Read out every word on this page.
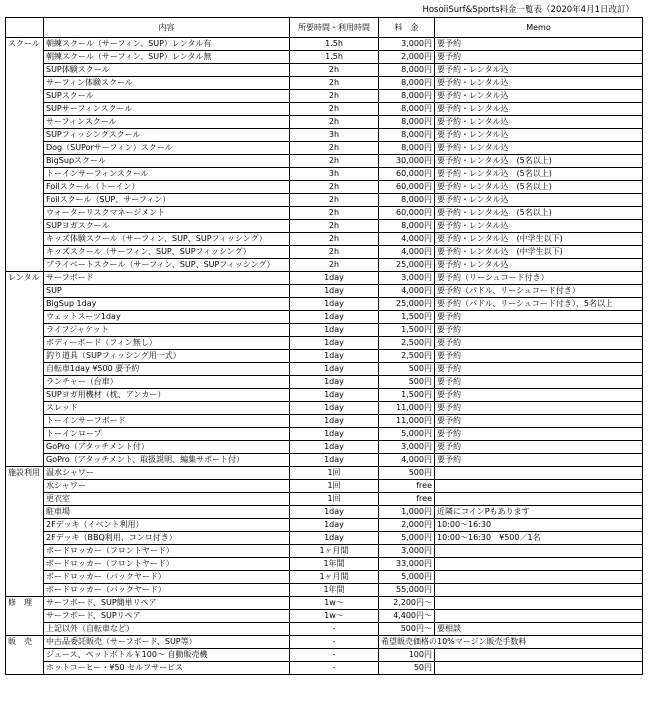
HosoiiSurf&Sports料金一覧表（2020年4月1日改訂）
	内容	所要時間・利用時間	料　金	Memo
スクール	朝練スクール（サーフィン、SUP）レンタル有	1.5h	3,000円	要予約
	朝練スクール（サーフィン、SUP）レンタル無	1.5h	2,000円	要予約
	SUP体験スクール	2h	8,000円	要予約・レンタル込
	サーフィン体験スクール	2h	8,000円	要予約・レンタル込
	SUPスクール	2h	8,000円	要予約・レンタル込
	SUPサーフィンスクール	2h	8,000円	要予約・レンタル込
	サーフィンスクール	2h	8,000円	要予約・レンタル込
	SUPフィッシングスクール	3h	8,000円	要予約・レンタル込
	Dog（SUPorサーフィン）スクール	2h	8,000円	要予約・レンタル込
	BigSupスクール	2h	30,000円	要予約・レンタル込　(5名以上)
	トーインサーフィンスクール	3h	60,000円	要予約・レンタル込　(5名以上)
	Foilスクール（トーイン）	2h	60,000円	要予約・レンタル込　(5名以上)
	Foilスクール（SUP、サーフィン）	2h	8,000円	要予約・レンタル込
	ウォーターリスクマネージメント	2h	60,000円	要予約・レンタル込　(5名以上)
	SUPヨガスクール	2h	8,000円	要予約・レンタル込
	キッズ体験スクール（サーフィン、SUP、SUPフィッシング）	2h	4,000円	要予約・レンタル込　(中学生以下)
	キッズスクール（サーフィン、SUP、SUPフィッシング）	2h	4,000円	要予約・レンタル込　(中学生以下)
	プライベートスクール（サーフィン、SUP、SUPフィッシング）	2h	25,000円	要予約・レンタル込
レンタル	サーフボード	1day	3,000円	要予約（リーシュコード付き）
	SUP	1day	4,000円	要予約（パドル、リーシュコード付き）
	BigSup 1day	1day	25,000円	要予約（パドル、リーシュコード付き）、5名以上
	ウェットスーツ1day	1day	1,500円	要予約
	ライフジャケット	1day	1,500円	要予約
	ボディーボード（フィン無し）	1day	2,500円	要予約
	釣り道具（SUPフィッシング用一式）	1day	2,500円	要予約
	自転車1day ¥500 要予約	1day	500円	要予約
	ランチャー（台車）	1day	500円	要予約
	SUPヨガ用機材（枕、アンカー）	1day	1,500円	要予約
	スレッド	1day	11,000円	要予約
	トーインサーフボード	1day	11,000円	要予約
	トーインロープ	1day	5,000円	要予約
	GoPro（アタッチメント付）	1day	3,000円	要予約
	GoPro（アタッチメント、取扱説明、編集サポート付）	1day	4,000円	要予約
施設利用	温水シャワー	1回	500円	
	水シャワー	1回	free	
	更衣室	1回	free	
	駐車場	1day	1,000円	近隣にコインPもあります
	2Fデッキ（イベント利用）	1day	2,000円	10:00～16:30
	2Fデッキ（BBQ利用、コンロ付き）	1day	5,000円	10:00～16:30　¥500／1名
	ボードロッカー（フロントヤード）	1ヶ月間	3,000円	
	ボードロッカー（フロントヤード）	1年間	33,000円	
	ボードロッカー（バックヤード）	1ヶ月間	5,000円	
	ボードロッカー（バックヤード）	1年間	55,000円	
修　理	サーフボード、SUP簡単リペア	1w～	2,200円～	
	サーフボード、SUPリペア	1w～	4,400円～	
	上記以外（自転車など）	-	500円～	要相談
販　売	中古品委託販売（サーフボード、SUP等）	-	希望販売価格の10%マージン販売手数料	
	ジュース、ペットボトル￥100～ 自動販売機	-	100円	
	ホットコーヒー・¥50 セルフサービス	-	50円	
